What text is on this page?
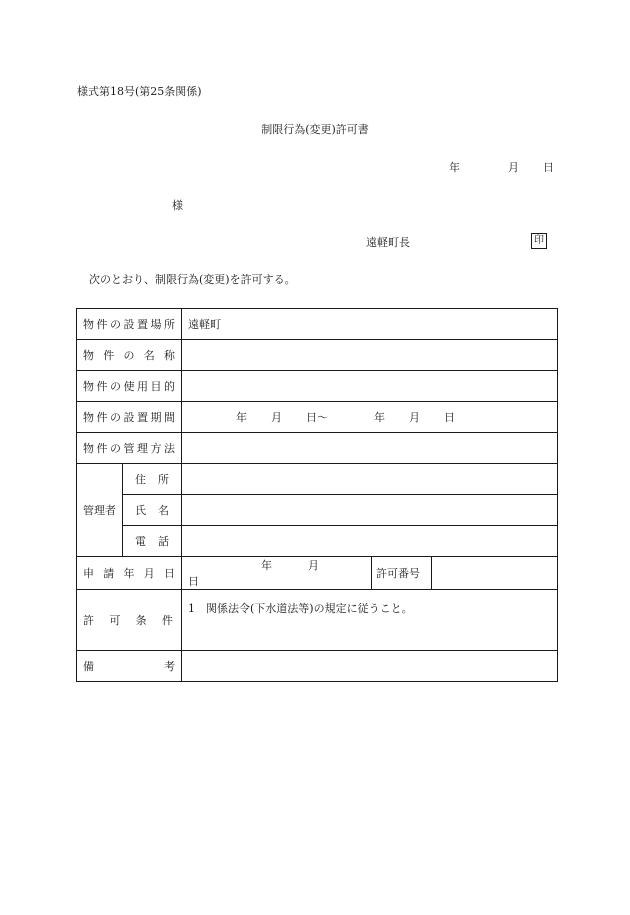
様式第18号(第25条関係)
制限行為(変更)許可書
年	月 日
様
遠軽町長	印
次のとおり、制限行為(変更)を許可する。
物件の設置場所		遠軽町		

物件の名称				

物件の使用目的				

物件の設置期間		年 月 日〜 年 月 日		

物件の管理方法				

管理者	住所			

	氏名			

	電話			

申請年月日		年 月日	許可番号	

許可条件		1　関係法令(下水道法等)の規定に従うこと。		

備考				
